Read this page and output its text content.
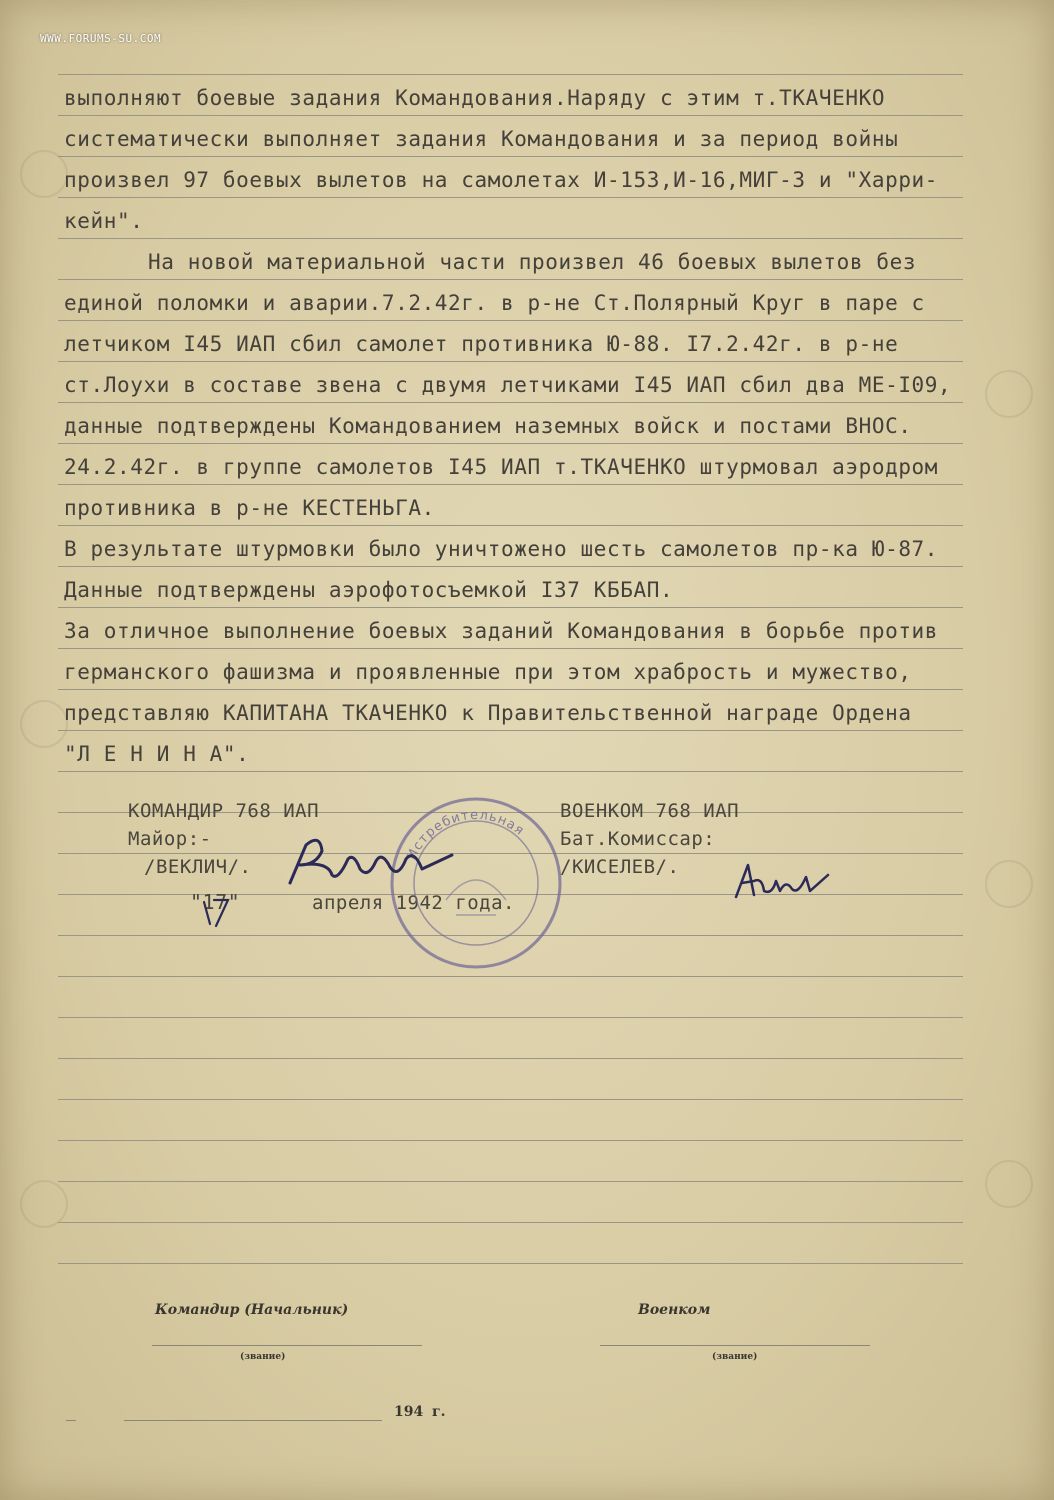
WWW.FORUMS-SU.COM
выполняют боевые задания Командования.Наряду с этим т.ТКАЧЕНКО
систематически выполняет задания Командования и за период войны
произвел 97 боевых вылетов на самолетах И-153,И-16,МИГ-3 и "Харри-
кейн".
На новой материальной части произвел 46 боевых вылетов без
единой поломки и аварии.7.2.42г. в р-не Ст.Полярный Круг в паре с
летчиком I45 ИАП сбил самолет противника Ю-88. I7.2.42г. в р-не
ст.Лоухи в составе звена с двумя летчиками I45 ИАП сбил два МЕ-I09,
данные подтверждены Командованием наземных войск и постами ВНОС.
24.2.42г. в группе самолетов I45 ИАП т.ТКАЧЕНКО штурмовал аэродром
противника в р-не КЕСТЕНЬГА.
В результате штурмовки было уничтожено шесть самолетов пр-ка Ю-87.
Данные подтверждены аэрофотосъемкой I37 КББАП.
За отличное выполнение боевых заданий Командования в борьбе против
германского фашизма и проявленные при этом храбрость и мужество,
представляю КАПИТАНА ТКАЧЕНКО к Правительственной награде Ордена
"Л Е Н И Н А".
КОМАНДИР 768 ИАП
Майор:-
/ВЕКЛИЧ/.
ВОЕНКОМ 768 ИАП
Бат.Комиссар:
/КИСЕЛЕВ/.
"17"	апреля 1942 года.
Истребительная
Командир (Начальник)	Военком
(звание)	(звание)
194 г.
